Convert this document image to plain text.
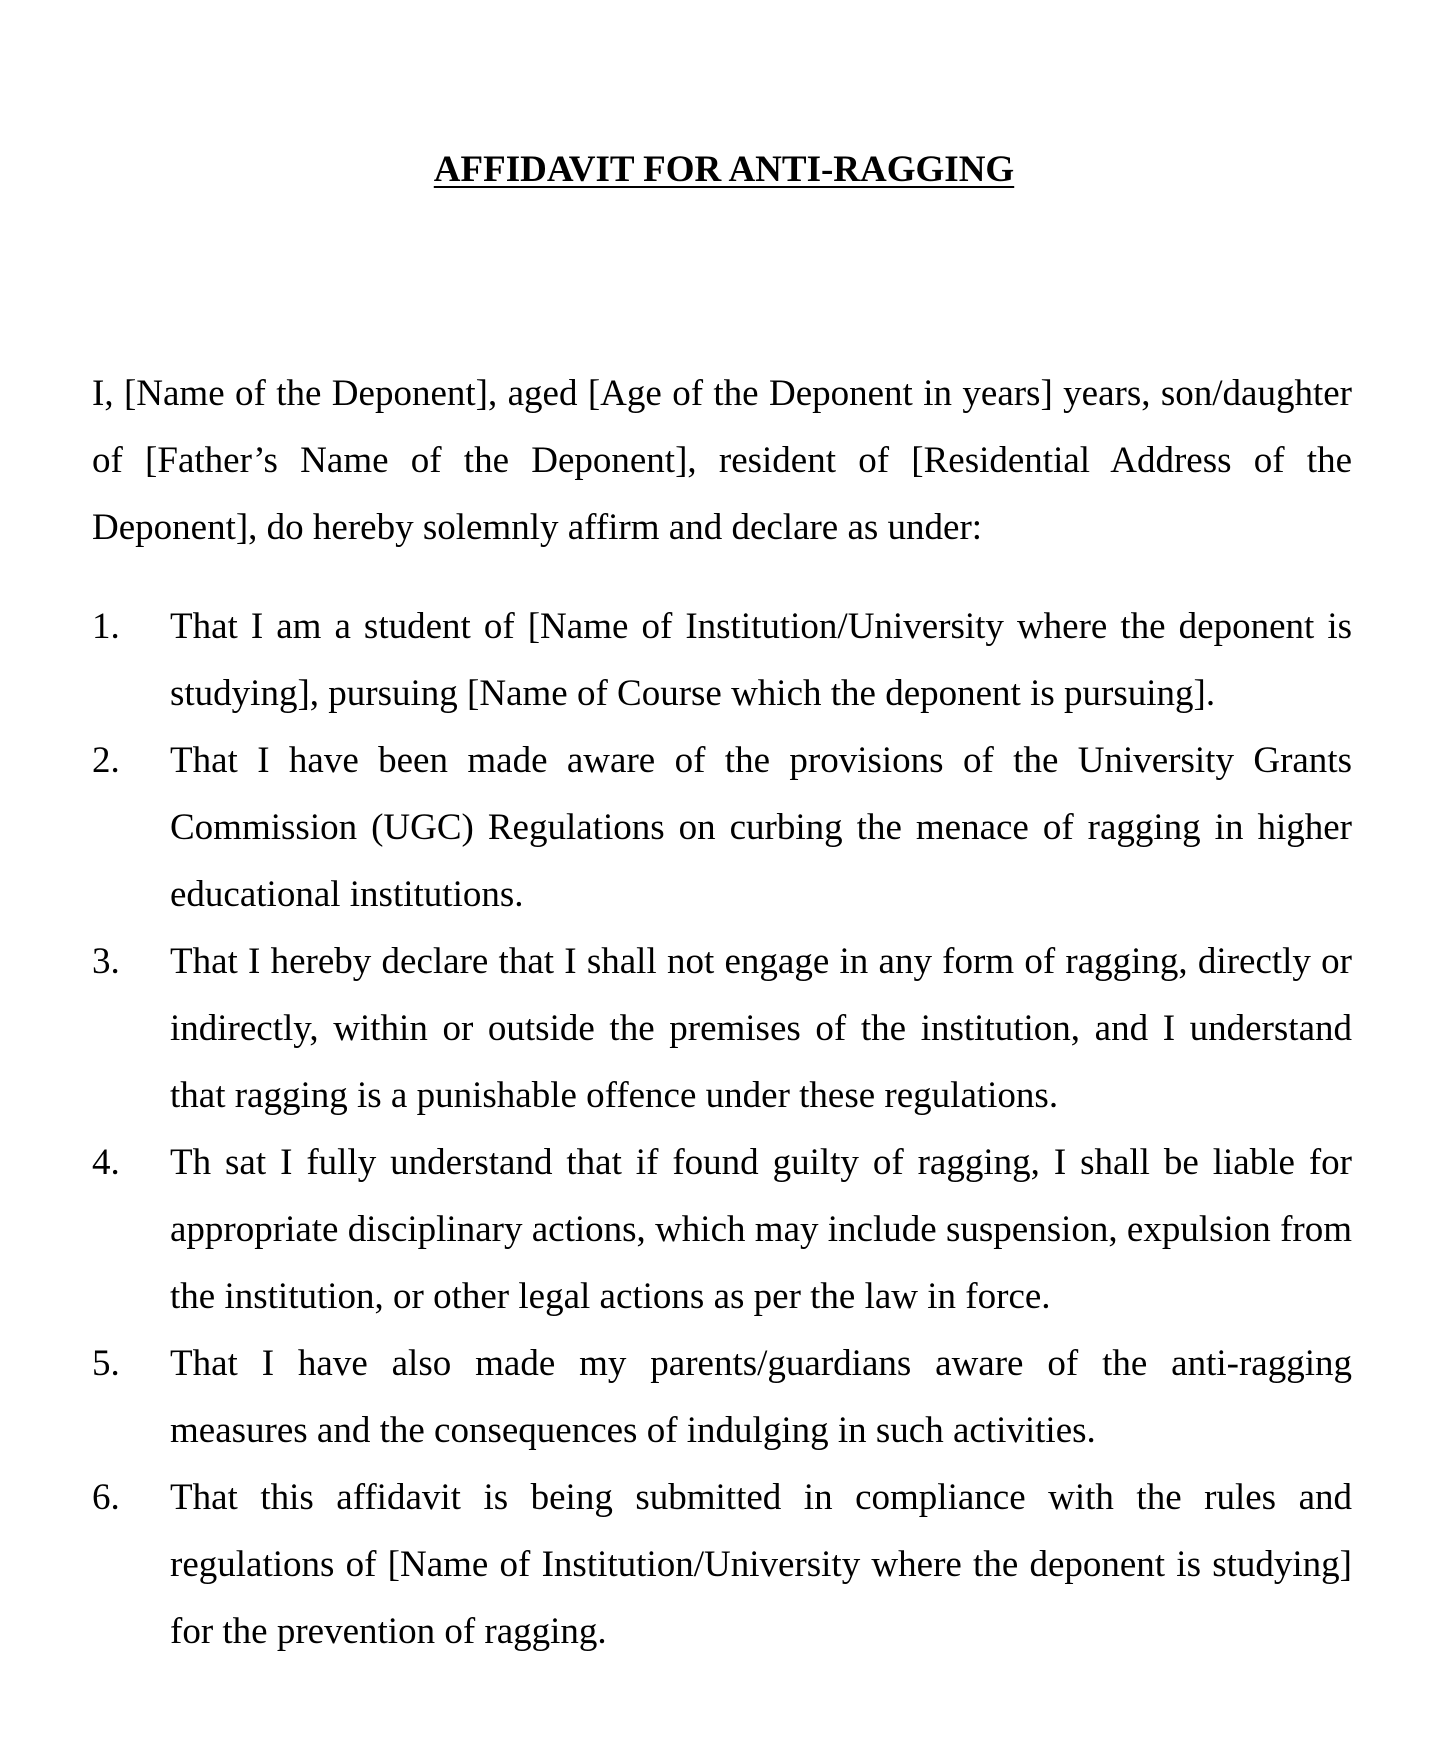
AFFIDAVIT FOR ANTI-RAGGING

I, [Name of the Deponent], aged [Age of the Deponent in years] years, son/daughter of [Father’s Name of the Deponent], resident of [Residential Address of the Deponent], do hereby solemnly affirm and declare as under:

1.	That I am a student of [Name of Institution/University where the deponent is studying], pursuing [Name of Course which the deponent is pursuing].
2.	That I have been made aware of the provisions of the University Grants Commission (UGC) Regulations on curbing the menace of ragging in higher educational institutions.
3.	That I hereby declare that I shall not engage in any form of ragging, directly or indirectly, within or outside the premises of the institution, and I understand that ragging is a punishable offence under these regulations.
4.	Th sat I fully understand that if found guilty of ragging, I shall be liable for appropriate disciplinary actions, which may include suspension, expulsion from the institution, or other legal actions as per the law in force.
5.	That I have also made my parents/guardians aware of the anti-ragging measures and the consequences of indulging in such activities.
6.	That this affidavit is being submitted in compliance with the rules and regulations of [Name of Institution/University where the deponent is studying] for the prevention of ragging.
